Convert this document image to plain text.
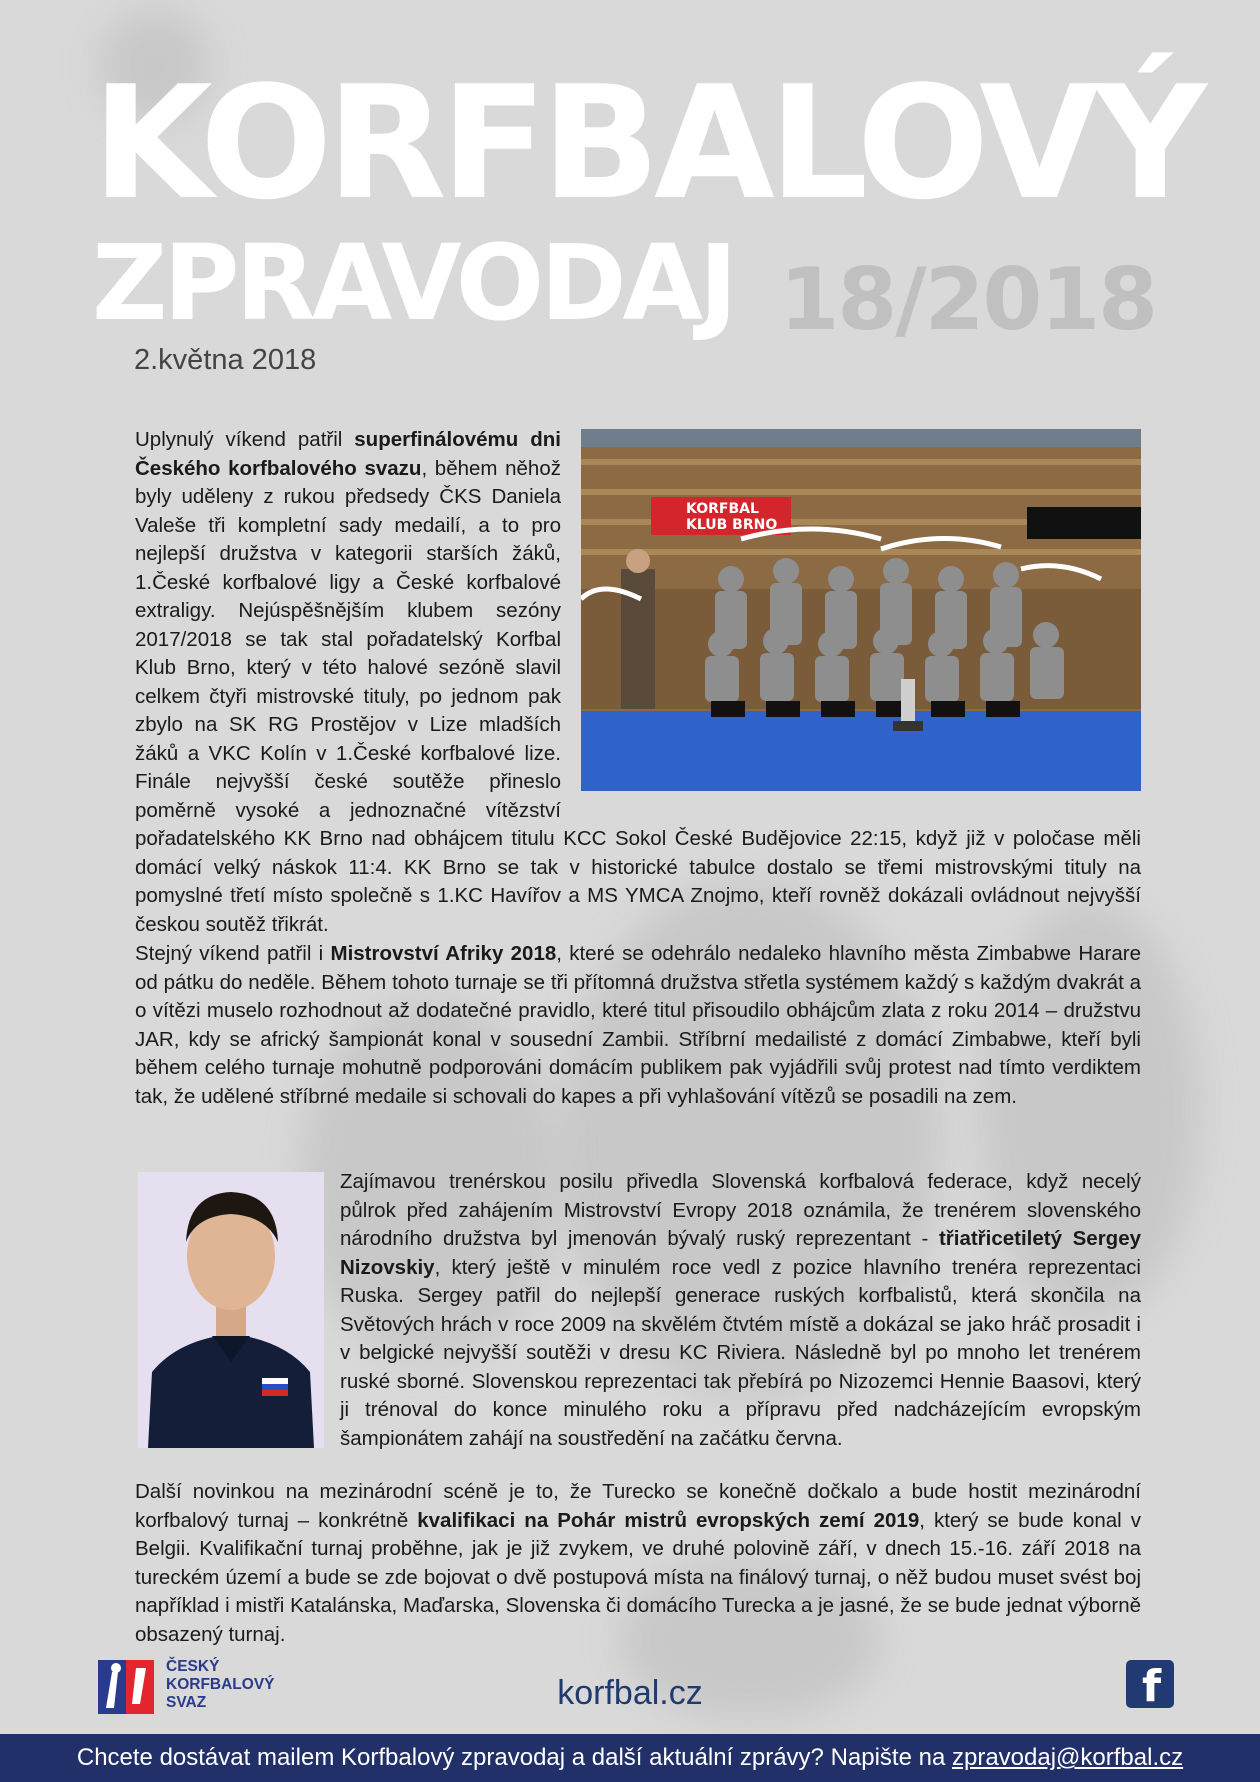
KORFBALOVÝ
ZPRAVODAJ 18/2018
2.května 2018

KORFBAL
KLUB BRNO
Uplynulý víkend patřil superfinálovému dni Českého korfbalového svazu, během něhož byly uděleny z rukou předsedy ČKS Daniela Valeše tři kompletní sady medailí, a to pro nejlepší družstva v kategorii starších žáků, 1.České korfbalové ligy a České korfbalové extraligy. Nejúspěšnějším klubem sezóny 2017/2018 se tak stal pořadatelský Korfbal Klub Brno, který v této halové sezóně slavil celkem čtyři mistrovské tituly, po jednom pak zbylo na SK RG Prostějov v Lize mladších žáků a VKC Kolín v 1.České korfbalové lize. Finále nejvyšší české soutěže přineslo poměrně vysoké a jednoznačné vítězství pořadatelského KK Brno nad obhájcem titulu KCC Sokol České Budějovice 22:15, když již v poločase měli domácí velký náskok 11:4. KK Brno se tak v historické tabulce dostalo se třemi mistrovskými tituly na pomyslné třetí místo společně s 1.KC Havířov a MS YMCA Znojmo, kteří rovněž dokázali ovládnout nejvyšší českou soutěž třikrát.

Stejný víkend patřil i Mistrovství Afriky 2018, které se odehrálo nedaleko hlavního města Zimbabwe Harare od pátku do neděle. Během tohoto turnaje se tři přítomná družstva střetla systémem každý s každým dvakrát a o vítězi muselo rozhodnout až dodatečné pravidlo, které titul přisoudilo obhájcům zlata z roku 2014 – družstvu JAR, kdy se africký šampionát konal v sousední Zambii. Stříbrní medailisté z domácí Zimbabwe, kteří byli během celého turnaje mohutně podporováni domácím publikem pak vyjádřili svůj protest nad tímto verdiktem tak, že udělené stříbrné medaile si schovali do kapes a při vyhlašování vítězů se posadili na zem.

Zajímavou trenérskou posilu přivedla Slovenská korfbalová federace, když necelý půlrok před zahájením Mistrovství Evropy 2018 oznámila, že trenérem slovenského národního družstva byl jmenován bývalý ruský reprezentant - třiatřicetiletý Sergey Nizovskiy, který ještě v minulém roce vedl z pozice hlavního trenéra reprezentaci Ruska. Sergey patřil do nejlepší generace ruských korfbalistů, která skončila na Světových hrách v roce 2009 na skvělém čtvtém místě a dokázal se jako hráč prosadit i v belgické nejvyšší soutěži v dresu KC Riviera. Následně byl po mnoho let trenérem ruské sborné. Slovenskou reprezentaci tak přebírá po Nizozemci Hennie Baasovi, který ji trénoval do konce minulého roku a přípravu před nadcházejícím evropským šampionátem zahájí na soustředění na začátku června.

Další novinkou na mezinárodní scéně je to, že Turecko se konečně dočkalo a bude hostit mezinárodní korfbalový turnaj – konkrétně kvalifikaci na Pohár mistrů evropských zemí 2019, který se bude konal v Belgii. Kvalifikační turnaj proběhne, jak je již zvykem, ve druhé polovině září, v dnech 15.-16. září 2018 na tureckém území a bude se zde bojovat o dvě postupová místa na finálový turnaj, o něž budou muset svést boj například i mistři Katalánska, Maďarska, Slovenska či domácího Turecka a je jasné, že se bude jednat výborně obsazený turnaj.

ČESKÝ
KORFBALOVÝ
SVAZ	korfbal.cz	f
Chcete dostávat mailem Korfbalový zpravodaj a další aktuální zprávy? Napište na zpravodaj@korfbal.cz
